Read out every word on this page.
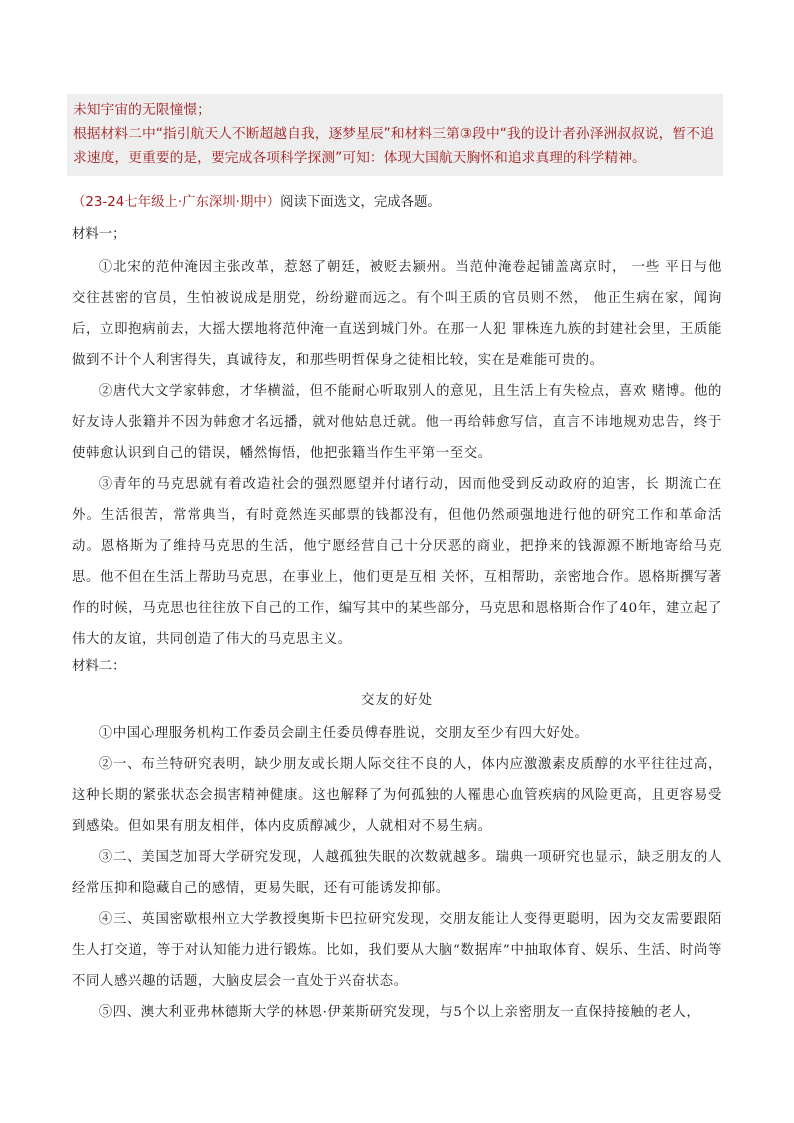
未知宇宙的无限憧憬；

根据材料二中“指引航天人不断超越自我，逐梦星辰”和材料三第③段中“我的设计者孙泽洲叔叔说，暂不追求速度，更重要的是，要完成各项科学探测”可知：体现大国航天胸怀和追求真理的科学精神。

（23-24七年级上·广东深圳·期中）阅读下面选文，完成各题。
材料一；

①北宋的范仲淹因主张改革，惹怒了朝廷，被贬去颍州。当范仲淹卷起铺盖离京时， 一些 平日与他交往甚密的官员，生怕被说成是朋党，纷纷避而远之。有个叫王质的官员则不然， 他正生病在家，闻询后，立即抱病前去，大摇大摆地将范仲淹一直送到城门外。在那一人犯 罪株连九族的封建社会里，王质能做到不计个人利害得失，真诚待友，和那些明哲保身之徒相比较，实在是难能可贵的。

②唐代大文学家韩愈，才华横溢，但不能耐心听取别人的意见，且生活上有失检点，喜欢 赌博。他的好友诗人张籍并不因为韩愈才名远播，就对他姑息迁就。他一再给韩愈写信，直言不讳地规劝忠告，终于使韩愈认识到自己的错误，幡然悔悟，他把张籍当作生平第一至交。

③青年的马克思就有着改造社会的强烈愿望并付诸行动，因而他受到反动政府的迫害，长 期流亡在外。生活很苦，常常典当，有时竟然连买邮票的钱都没有，但他仍然顽强地进行他的研究工作和革命活动。恩格斯为了维持马克思的生活，他宁愿经营自己十分厌恶的商业，把挣来的钱源源不断地寄给马克思。他不但在生活上帮助马克思，在事业上，他们更是互相 关怀，互相帮助，亲密地合作。恩格斯撰写著作的时候，马克思也往往放下自己的工作，编写其中的某些部分，马克思和恩格斯合作了40年，建立起了伟大的友谊，共同创造了伟大的马克思主义。

材料二：
交友的好处

①中国心理服务机构工作委员会副主任委员傅春胜说，交朋友至少有四大好处。

②一、布兰特研究表明，缺少朋友或长期人际交往不良的人，体内应激激素皮质醇的水平往往过高，这种长期的紧张状态会损害精神健康。这也解释了为何孤独的人罹患心血管疾病的风险更高，且更容易受到感染。但如果有朋友相伴，体内皮质醇减少，人就相对不易生病。

③二、美国芝加哥大学研究发现，人越孤独失眠的次数就越多。瑞典一项研究也显示，缺乏朋友的人经常压抑和隐藏自己的感情，更易失眠，还有可能诱发抑郁。

④三、英国密歇根州立大学教授奥斯卡巴拉研究发现，交朋友能让人变得更聪明，因为交友需要跟陌生人打交道，等于对认知能力进行锻炼。比如，我们要从大脑“数据库”中抽取体育、娱乐、生活、时尚等不同人感兴趣的话题，大脑皮层会一直处于兴奋状态。

⑤四、澳大利亚弗林德斯大学的林恩·伊莱斯研究发现，与5个以上亲密朋友一直保持接触的老人，
